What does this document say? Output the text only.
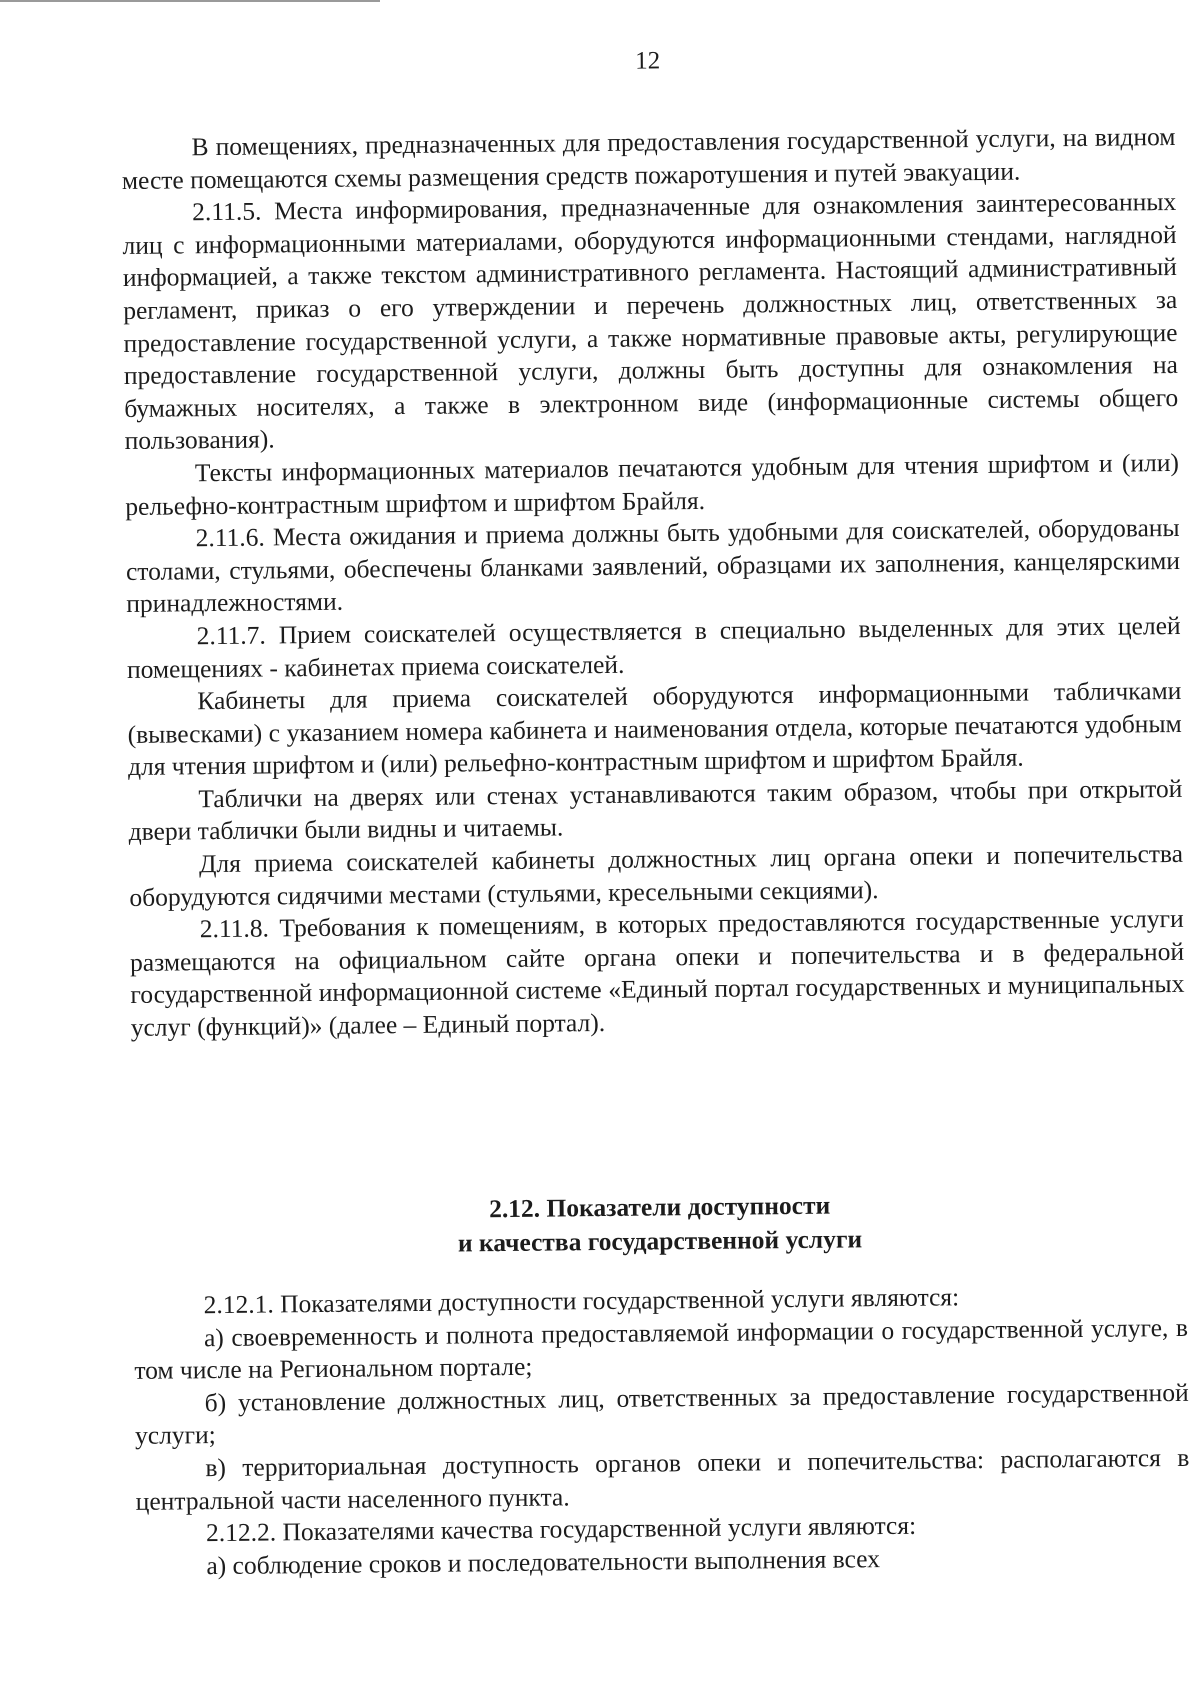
12

В помещениях, предназначенных для предоставления государственной услуги, на видном месте помещаются схемы размещения средств пожаротушения и путей эвакуации.

2.11.5. Места информирования, предназначенные для ознакомления заинтересованных лиц с информационными материалами, оборудуются информационными стендами, наглядной информацией, а также текстом административного регламента. Настоящий административный регламент, приказ о его утверждении и перечень должностных лиц, ответственных за предоставление государственной услуги, а также нормативные правовые акты, регулирующие предоставление государственной услуги, должны быть доступны для ознакомления на бумажных носителях, а также в электронном виде (информационные системы общего пользования).

Тексты информационных материалов печатаются удобным для чтения шрифтом и (или) рельефно-контрастным шрифтом и шрифтом Брайля.

2.11.6. Места ожидания и приема должны быть удобными для соискателей, оборудованы столами, стульями, обеспечены бланками заявлений, образцами их заполнения, канцелярскими принадлежностями.

2.11.7. Прием соискателей осуществляется в специально выделенных для этих целей помещениях - кабинетах приема соискателей.

Кабинеты для приема соискателей оборудуются информационными табличками (вывесками) с указанием номера кабинета и наименования отдела, которые печатаются удобным для чтения шрифтом и (или) рельефно-контрастным шрифтом и шрифтом Брайля.

Таблички на дверях или стенах устанавливаются таким образом, чтобы при открытой двери таблички были видны и читаемы.

Для приема соискателей кабинеты должностных лиц органа опеки и попечительства оборудуются сидячими местами (стульями, кресельными секциями).

2.11.8. Требования к помещениям, в которых предоставляются государственные услуги размещаются на официальном сайте органа опеки и попечительства и в федеральной государственной информационной системе «Единый портал государственных и муниципальных услуг (функций)» (далее – Единый портал).

2.12. Показатели доступности
и качества государственной услуги

2.12.1. Показателями доступности государственной услуги являются:

а) своевременность и полнота предоставляемой информации о государственной услуге, в том числе на Региональном портале;

б) установление должностных лиц, ответственных за предоставление государственной услуги;

в) территориальная доступность органов опеки и попечительства: располагаются в центральной части населенного пункта.

2.12.2. Показателями качества государственной услуги являются:

а) соблюдение сроков и последовательности выполнения всех
